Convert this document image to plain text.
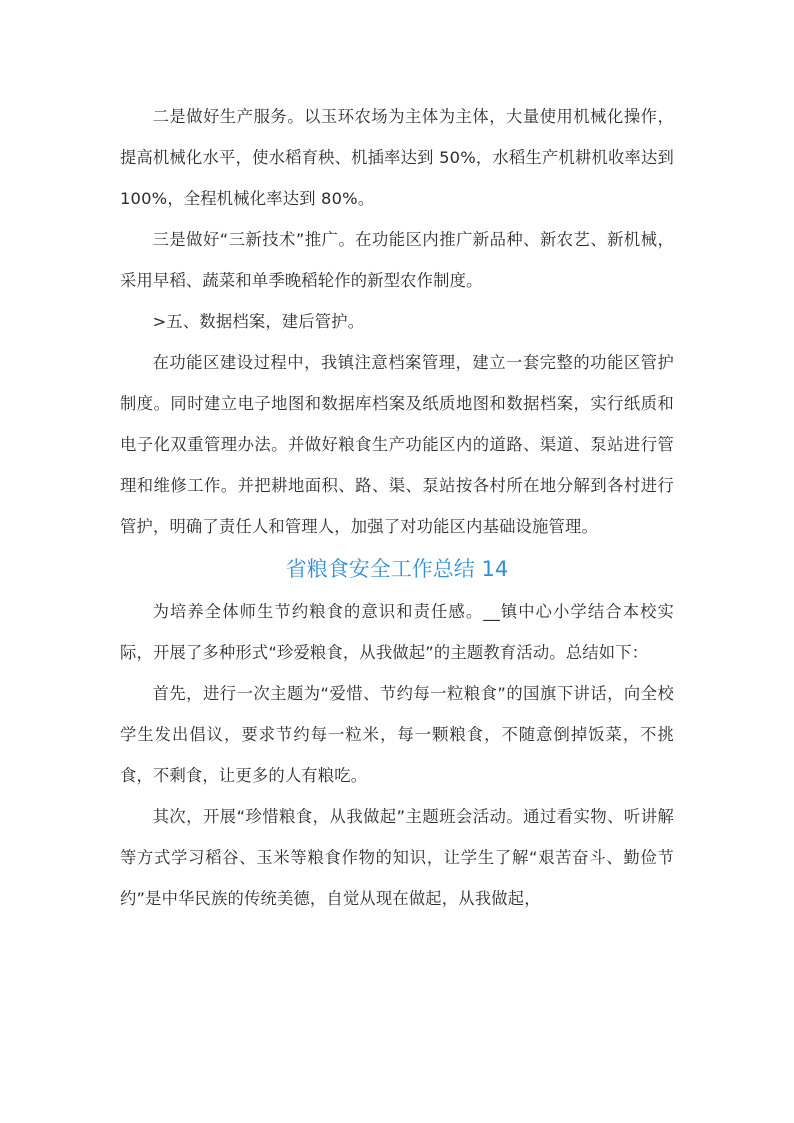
二是做好生产服务。以玉环农场为主体为主体，大量使用机械化操作，提高机械化水平，使水稻育秧、机插率达到 50%，水稻生产机耕机收率达到 100%，全程机械化率达到 80%。

三是做好“三新技术”推广。在功能区内推广新品种、新农艺、新机械，采用早稻、蔬菜和单季晚稻轮作的新型农作制度。

>五、数据档案，建后管护。

在功能区建设过程中，我镇注意档案管理，建立一套完整的功能区管护制度。同时建立电子地图和数据库档案及纸质地图和数据档案，实行纸质和电子化双重管理办法。并做好粮食生产功能区内的道路、渠道、泵站进行管理和维修工作。并把耕地面积、路、渠、泵站按各村所在地分解到各村进行管护，明确了责任人和管理人，加强了对功能区内基础设施管理。

省粮食安全工作总结 14

为培养全体师生节约粮食的意识和责任感。__镇中心小学结合本校实际，开展了多种形式“珍爱粮食，从我做起”的主题教育活动。总结如下：

首先，进行一次主题为“爱惜、节约每一粒粮食”的国旗下讲话，向全校学生发出倡议，要求节约每一粒米，每一颗粮食，不随意倒掉饭菜，不挑食，不剩食，让更多的人有粮吃。

其次，开展“珍惜粮食，从我做起”主题班会活动。通过看实物、听讲解等方式学习稻谷、玉米等粮食作物的知识，让学生了解“艰苦奋斗、勤俭节约”是中华民族的传统美德，自觉从现在做起，从我做起，
